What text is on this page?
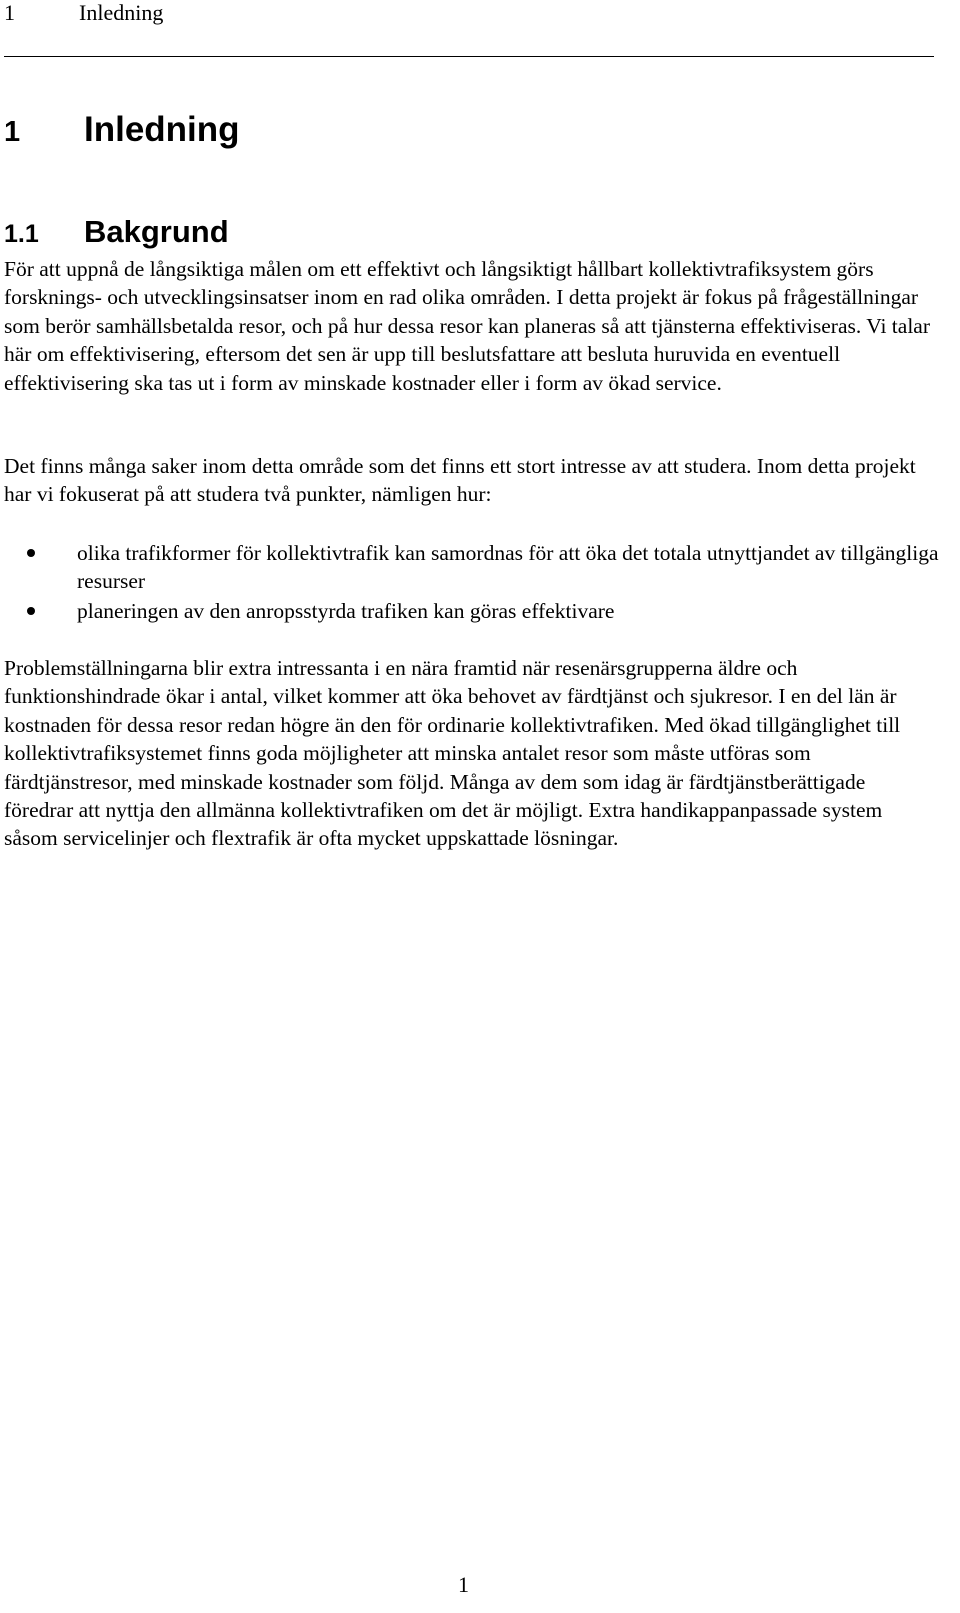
1	Inledning
1 Inledning
1.1 Bakgrund

För att uppnå de långsiktiga målen om ett effektivt och långsiktigt hållbart kollektivtrafiksystem görs forsknings- och utvecklingsinsatser inom en rad olika områden. I detta projekt är fokus på frågeställningar som berör samhällsbetalda resor, och på hur dessa resor kan planeras så att tjänsterna effektiviseras. Vi talar här om effektivisering, eftersom det sen är upp till beslutsfattare att besluta huruvida en eventuell effektivisering ska tas ut i form av minskade kostnader eller i form av ökad service.

Det finns många saker inom detta område som det finns ett stort intresse av att studera. Inom detta projekt har vi fokuserat på att studera två punkter, nämligen hur:

olika trafikformer för kollektivtrafik kan samordnas för att öka det totala utnyttjandet av tillgängliga resurser
planeringen av den anropsstyrda trafiken kan göras effektivare

Problemställningarna blir extra intressanta i en nära framtid när resenärsgrupperna äldre och funktionshindrade ökar i antal, vilket kommer att öka behovet av färdtjänst och sjukresor. I en del län är kostnaden för dessa resor redan högre än den för ordinarie kollektivtrafiken. Med ökad tillgänglighet till kollektivtrafiksystemet finns goda möjligheter att minska antalet resor som måste utföras som färdtjänstresor, med minskade kostnader som följd. Många av dem som idag är färdtjänstberättigade föredrar att nyttja den allmänna kollektivtrafiken om det är möjligt. Extra handikappanpassade system såsom servicelinjer och flextrafik är ofta mycket uppskattade lösningar.

1
